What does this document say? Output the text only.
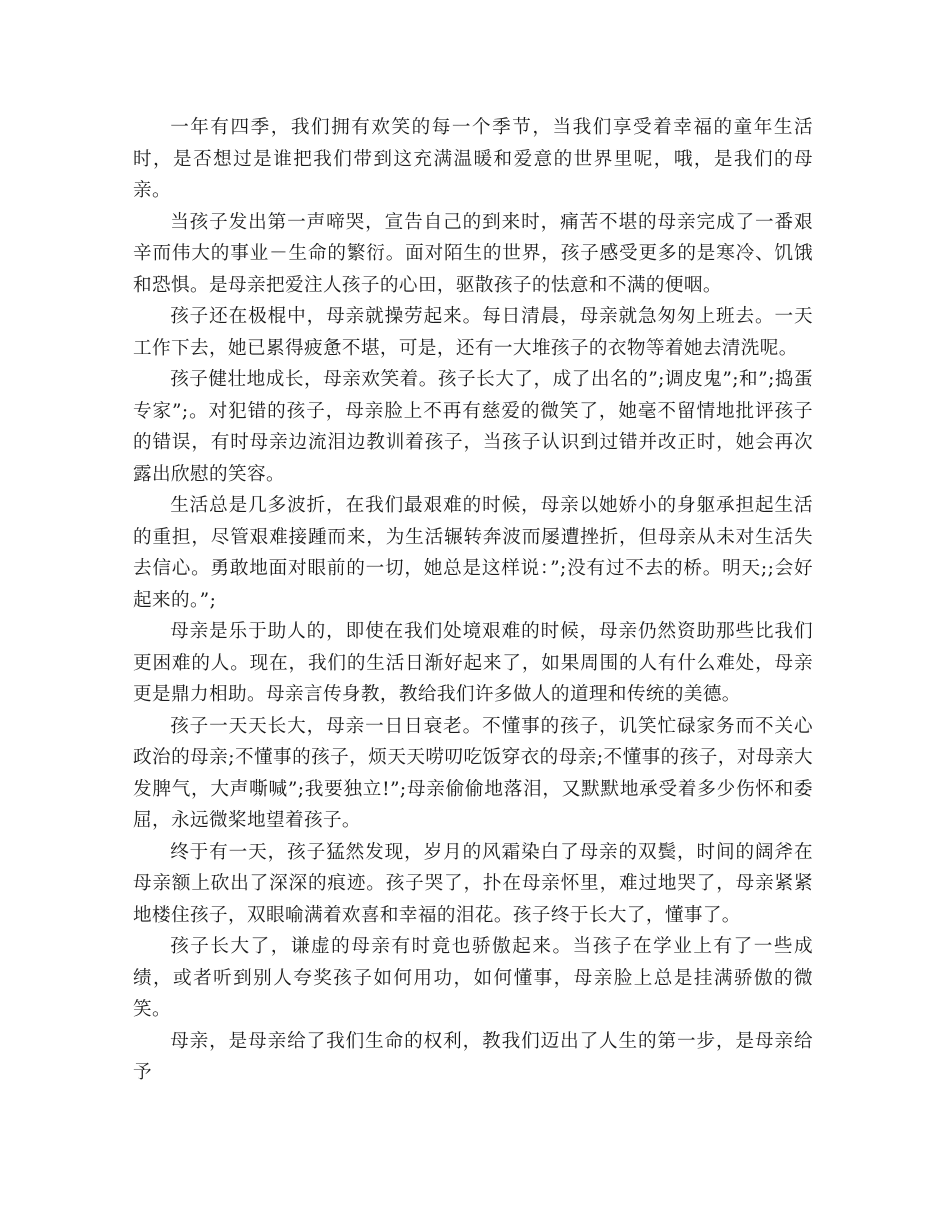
一年有四季，我们拥有欢笑的每一个季节，当我们享受着幸福的童年生活时，是否想过是谁把我们带到这充满温暖和爱意的世界里呢，哦，是我们的母亲。

当孩子发出第一声啼哭，宣告自己的到来时，痛苦不堪的母亲完成了一番艰辛而伟大的事业－生命的繁衍。面对陌生的世界，孩子感受更多的是寒冷、饥饿和恐惧。是母亲把爱注人孩子的心田，驱散孩子的怯意和不满的便咽。

孩子还在极棍中，母亲就操劳起来。每日清晨，母亲就急匆匆上班去。一天工作下去，她已累得疲惫不堪，可是，还有一大堆孩子的衣物等着她去清洗呢。

孩子健壮地成长，母亲欢笑着。孩子长大了，成了出名的”;调皮鬼”;和”;捣蛋专家”;。对犯错的孩子，母亲脸上不再有慈爱的微笑了，她毫不留情地批评孩子的错误，有时母亲边流泪边教训着孩子，当孩子认识到过错并改正时，她会再次露出欣慰的笑容。

生活总是几多波折，在我们最艰难的时候，母亲以她娇小的身躯承担起生活的重担，尽管艰难接踵而来，为生活辗转奔波而屡遭挫折，但母亲从未对生活失去信心。勇敢地面对眼前的一切，她总是这样说：”;没有过不去的桥。明天;;会好起来的。”;

母亲是乐于助人的，即使在我们处境艰难的时候，母亲仍然资助那些比我们更困难的人。现在，我们的生活日渐好起来了，如果周围的人有什么难处，母亲更是鼎力相助。母亲言传身教，教给我们许多做人的道理和传统的美德。

孩子一天天长大，母亲一日日衰老。不懂事的孩子，讥笑忙碌家务而不关心政治的母亲;不懂事的孩子，烦天天唠叨吃饭穿衣的母亲;不懂事的孩子，对母亲大发脾气，大声嘶喊”;我要独立!”;母亲偷偷地落泪，又默默地承受着多少伤怀和委屈，永远微桨地望着孩子。

终于有一天，孩子猛然发现，岁月的风霜染白了母亲的双鬓，时间的阔斧在母亲额上砍出了深深的痕迹。孩子哭了，扑在母亲怀里，难过地哭了，母亲紧紧地楼住孩子，双眼喻满着欢喜和幸福的泪花。孩子终于长大了，懂事了。

孩子长大了，谦虚的母亲有时竟也骄傲起来。当孩子在学业上有了一些成绩，或者听到别人夸奖孩子如何用功，如何懂事，母亲脸上总是挂满骄傲的微笑。

母亲，是母亲给了我们生命的权利，教我们迈出了人生的第一步，是母亲给予
